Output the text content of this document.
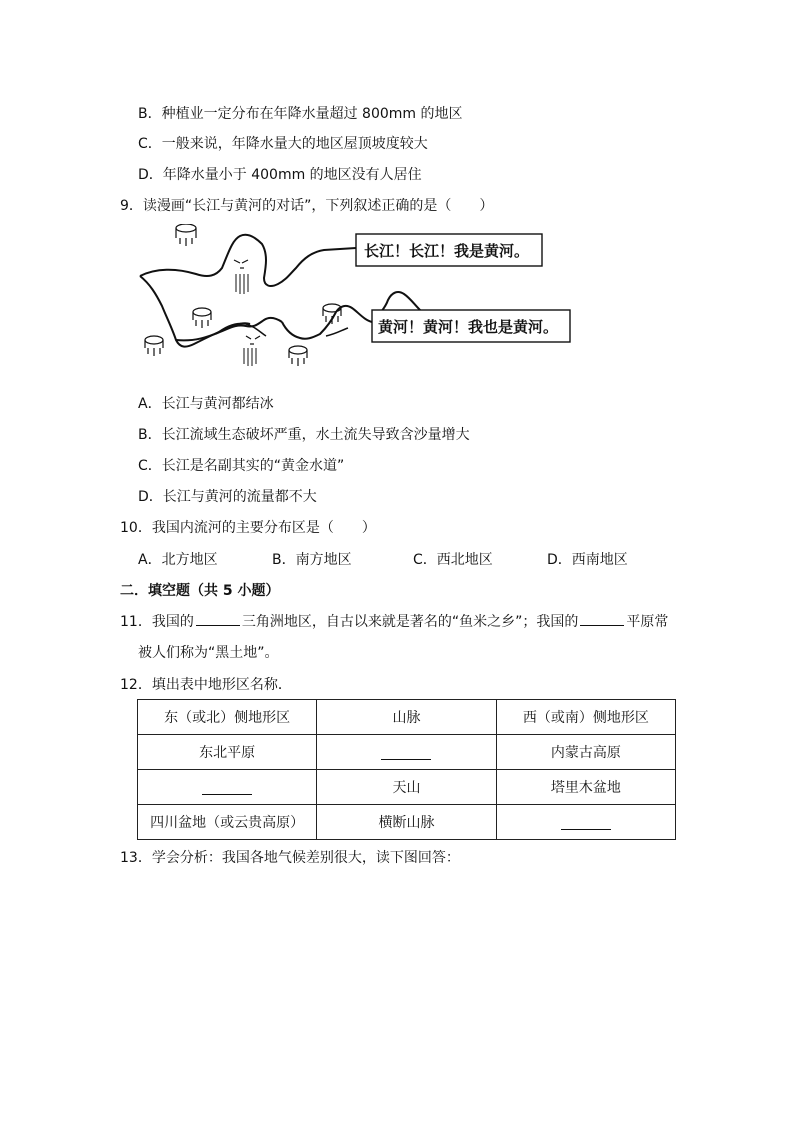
B．种植业一定分布在年降水量超过 800mm 的地区
C．一般来说，年降水量大的地区屋顶坡度较大
D．年降水量小于 400mm 的地区没有人居住
9．读漫画“长江与黄河的对话”，下列叙述正确的是（　　）
长江！长江！我是黄河。
黄河！黄河！我也是黄河。
A．长江与黄河都结冰
B．长江流域生态破坏严重，水土流失导致含沙量增大
C．长江是名副其实的“黄金水道”
D．长江与黄河的流量都不大
10．我国内流河的主要分布区是（　　）
A．北方地区	B．南方地区	C．西北地区	D．西南地区
二．填空题（共 5 小题）
11．我国的	三角洲地区，自古以来就是著名的“鱼米之乡”；我国的	平原常
被人们称为“黑土地”。
12．填出表中地形区名称．
东（或北）侧地形区	山脉	西（或南）侧地形区
东北平原		内蒙古高原
	天山	塔里木盆地
四川盆地（或云贵高原）	横断山脉	
13．学会分析：我国各地气候差别很大，读下图回答：
